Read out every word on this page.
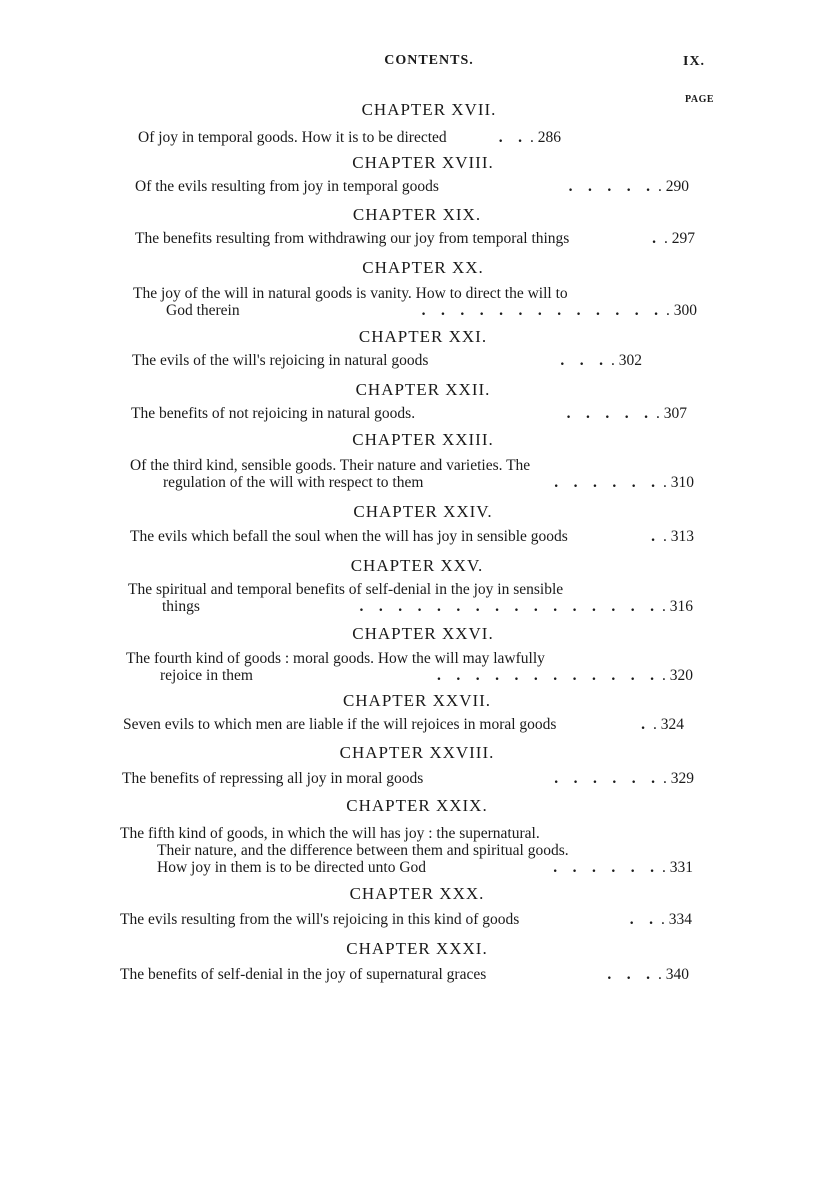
CONTENTS.	IX.
PAGE
CHAPTER XVII.
Of joy in temporal goods. How it is to be directed	.    . . 286
CHAPTER XVIII.
Of the evils resulting from joy in temporal goods	.    .    .    .    . . 290
CHAPTER XIX.
The benefits resulting from withdrawing our joy from temporal things	. . 297
CHAPTER XX.
The joy of the will in natural goods is vanity. How to direct the will to
God therein	.    .    .    .    .    .    .    .    .    .    .    .    . . 300
CHAPTER XXI.
The evils of the will's rejoicing in natural goods	.    .    . . 302
CHAPTER XXII.
The benefits of not rejoicing in natural goods.	.    .    .    .    . . 307
CHAPTER XXIII.
Of the third kind, sensible goods. Their nature and varieties. The
regulation of the will with respect to them	.    .    .    .    .    . . 310
CHAPTER XXIV.
The evils which befall the soul when the will has joy in sensible goods	. . 313
CHAPTER XXV.
The spiritual and temporal benefits of self-denial in the joy in sensible
things	.    .    .    .    .    .    .    .    .    .    .    .    .    .    .    . . 316
CHAPTER XXVI.
The fourth kind of goods : moral goods. How the will may lawfully
rejoice in them	.    .    .    .    .    .    .    .    .    .    .    . . 320
CHAPTER XXVII.
Seven evils to which men are liable if the will rejoices in moral goods	. . 324
CHAPTER XXVIII.
The benefits of repressing all joy in moral goods	.    .    .    .    .    . . 329
CHAPTER XXIX.
The fifth kind of goods, in which the will has joy : the supernatural.
Their nature, and the difference between them and spiritual goods.
How joy in them is to be directed unto God	.    .    .    .    .    . . 331
CHAPTER XXX.
The evils resulting from the will's rejoicing in this kind of goods	.    . . 334
CHAPTER XXXI.
The benefits of self-denial in the joy of supernatural graces	.    .    . . 340
